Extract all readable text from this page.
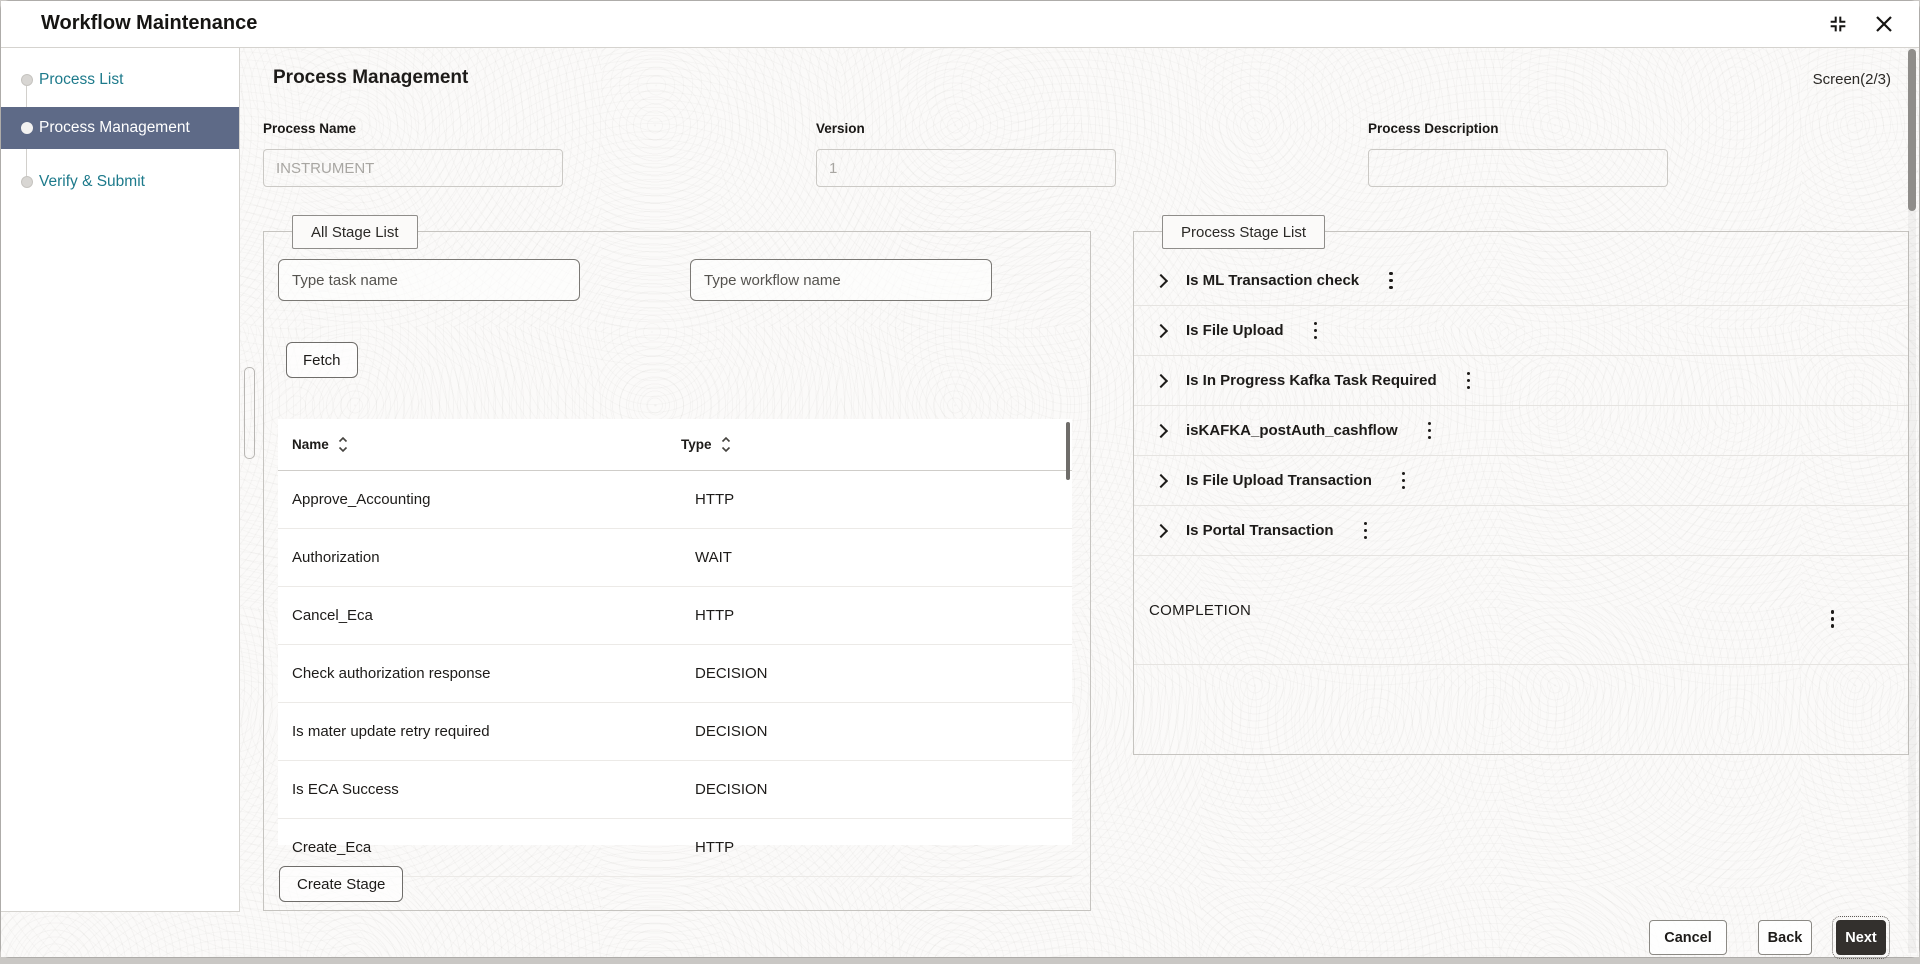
Workflow Maintenance
Process List
Process Management
Verify & Submit
Process Management	Screen(2/3)
Process Name
INSTRUMENT	Version
1	Process Description
All Stage List
Type task name
Type workflow name
Fetch
Name	Type
Approve_Accounting	HTTP
Authorization	WAIT
Cancel_Eca	HTTP
Check authorization response	DECISION
Is mater update retry required	DECISION
Is ECA Success	DECISION
Create_Eca	HTTP
Create Stage
Process Stage List
Is ML Transaction check
Is File Upload
Is In Progress Kafka Task Required
isKAFKA_postAuth_cashflow
Is File Upload Transaction
Is Portal Transaction
COMPLETION
Cancel	Back	Next
